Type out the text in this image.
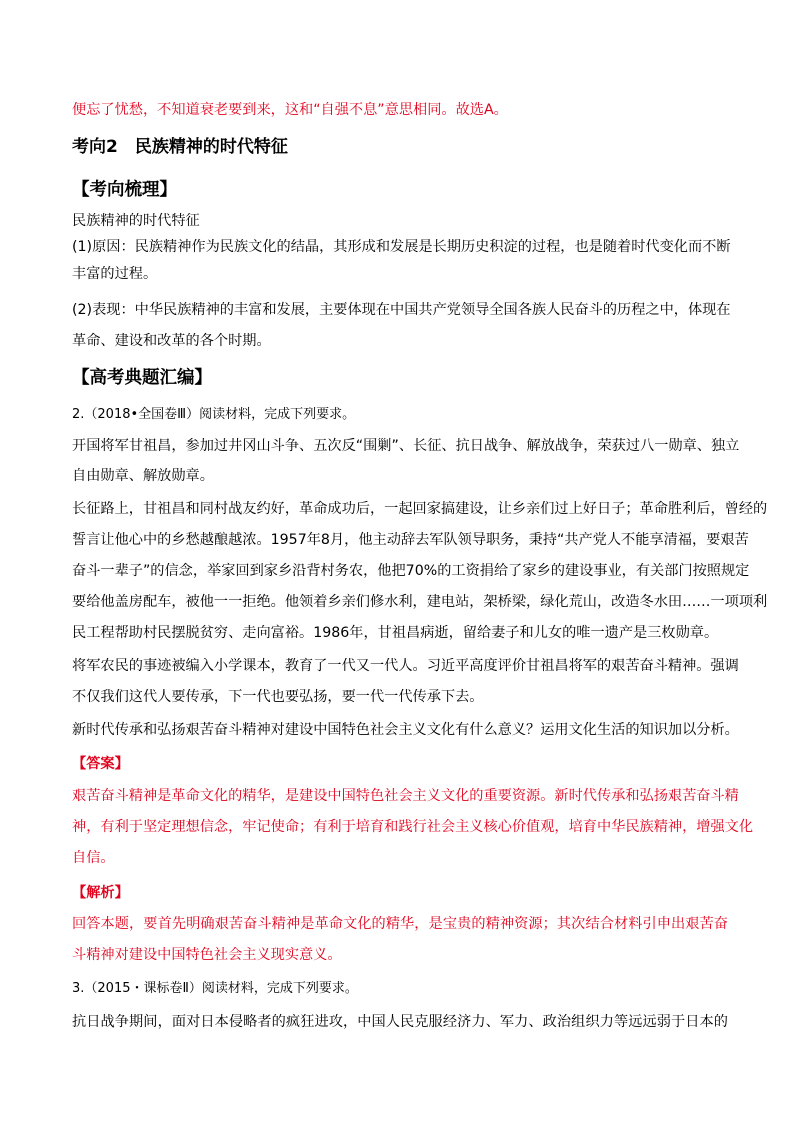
便忘了忧愁，不知道衰老要到来，这和“自强不息”意思相同。故选A。
考向2　民族精神的时代特征
【考向梳理】
民族精神的时代特征
(1)原因：民族精神作为民族文化的结晶，其形成和发展是长期历史积淀的过程，也是随着时代变化而不断
丰富的过程。
(2)表现：中华民族精神的丰富和发展，主要体现在中国共产党领导全国各族人民奋斗的历程之中，体现在
革命、建设和改革的各个时期。
【高考典题汇编】
2.（2018•全国卷Ⅲ）阅读材料，完成下列要求。
开国将军甘祖昌，参加过井冈山斗争、五次反“围剿”、长征、抗日战争、解放战争，荣获过八一勋章、独立
自由勋章、解放勋章。
长征路上，甘祖昌和同村战友约好，革命成功后，一起回家搞建设，让乡亲们过上好日子；革命胜利后，曾经的
誓言让他心中的乡愁越酿越浓。1957年8月，他主动辞去军队领导职务，秉持“共产党人不能享清福，要艰苦
奋斗一辈子”的信念，举家回到家乡沿背村务农，他把70%的工资捐给了家乡的建设事业，有关部门按照规定
要给他盖房配车，被他一一拒绝。他领着乡亲们修水利，建电站，架桥梁，绿化荒山，改造冬水田……一项项利
民工程帮助村民摆脱贫穷、走向富裕。1986年，甘祖昌病逝，留给妻子和儿女的唯一遗产是三枚勋章。
将军农民的事迹被编入小学课本，教育了一代又一代人。习近平高度评价甘祖昌将军的艰苦奋斗精神。强调
不仅我们这代人要传承，下一代也要弘扬，要一代一代传承下去。
新时代传承和弘扬艰苦奋斗精神对建设中国特色社会主义文化有什么意义？运用文化生活的知识加以分析。
【答案】
艰苦奋斗精神是革命文化的精华，是建设中国特色社会主义文化的重要资源。新时代传承和弘扬艰苦奋斗精
神，有利于坚定理想信念，牢记使命；有利于培育和践行社会主义核心价值观，培育中华民族精神，增强文化
自信。
【解析】
回答本题，要首先明确艰苦奋斗精神是革命文化的精华，是宝贵的精神资源；其次结合材料引申出艰苦奋
斗精神对建设中国特色社会主义现实意义。
3.（2015・课标卷Ⅱ）阅读材料，完成下列要求。
抗日战争期间，面对日本侵略者的疯狂进攻，中国人民克服经济力、军力、政治组织力等远远弱于日本的
